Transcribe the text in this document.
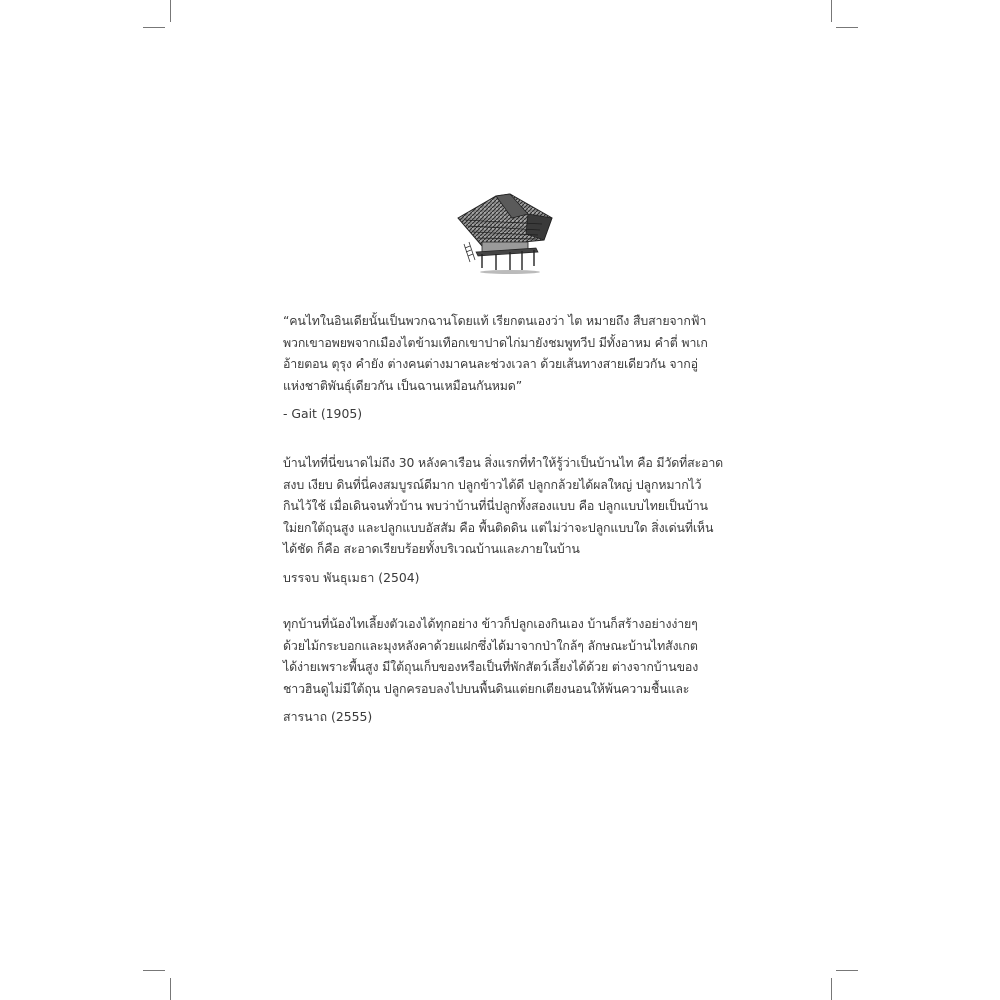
“คนไทในอินเดียนั้นเป็นพวกฉานโดยแท้ เรียกตนเองว่า ไต หมายถึง สืบสายจากฟ้า
พวกเขาอพยพจากเมืองไตข้ามเทือกเขาปาดไก่มายังชมพูทวีป มีทั้งอาหม คำตี่ พาเก
อ้ายตอน ตุรุง คำยัง ต่างคนต่างมาคนละช่วงเวลา ด้วยเส้นทางสายเดียวกัน จากอู่
แห่งชาติพันธุ์เดียวกัน เป็นฉานเหมือนกันหมด”

- Gait (1905)

บ้านไทที่นี่ขนาดไม่ถึง 30 หลังคาเรือน สิ่งแรกที่ทำให้รู้ว่าเป็นบ้านไท คือ มีวัดที่สะอาด
สงบ เงียบ ดินที่นี่คงสมบูรณ์ดีมาก ปลูกข้าวได้ดี ปลูกกล้วยได้ผลใหญ่ ปลูกหมากไว้
กินไว้ใช้ เมื่อเดินจนทั่วบ้าน พบว่าบ้านที่นี่ปลูกทั้งสองแบบ คือ ปลูกแบบไทยเป็นบ้าน
ใม่ยกใต้ถุนสูง และปลูกแบบอัสสัม คือ พื้นติดดิน แต่ไม่ว่าจะปลูกแบบใด สิ่งเด่นที่เห็น
ได้ชัด ก็คือ สะอาดเรียบร้อยทั้งบริเวณบ้านและภายในบ้าน

บรรจบ พันธุเมธา (2504)

ทุกบ้านที่น้องไทเลี้ยงตัวเองได้ทุกอย่าง ข้าวก็ปลูกเองกินเอง บ้านก็สร้างอย่างง่ายๆ
ด้วยไม้กระบอกและมุงหลังคาด้วยแฝกซึ่งได้มาจากป่าใกล้ๆ ลักษณะบ้านไทสังเกต
ได้ง่ายเพราะพื้นสูง มีใต้ถุนเก็บของหรือเป็นที่พักสัตว์เลี้ยงได้ด้วย ต่างจากบ้านของ
ชาวฮินดูไม่มีใต้ถุน ปลูกครอบลงไปบนพื้นดินแต่ยกเตียงนอนให้พ้นความชื้นและ

สารนาถ (2555)
